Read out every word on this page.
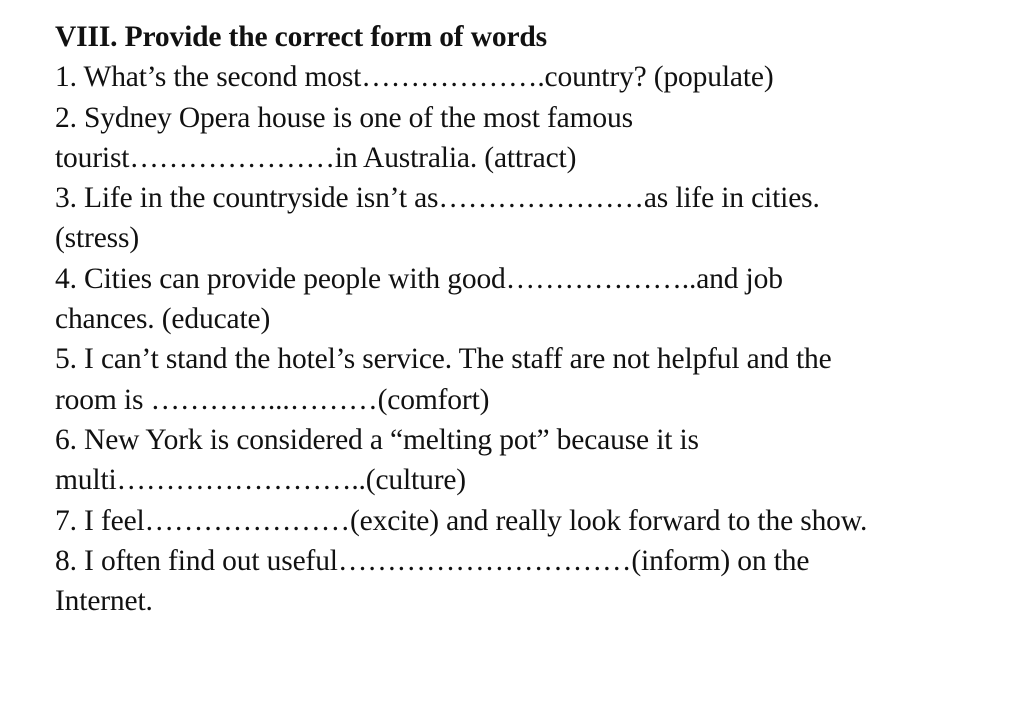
VIII. Provide the correct form of words
1. What’s the second most……………….country? (populate)
2. Sydney Opera house is one of the most famous
tourist…………………in Australia. (attract)
3. Life in the countryside isn’t as…………………as life in cities.
(stress)
4. Cities can provide people with good………………..and job
chances. (educate)
5. I can’t stand the hotel’s service. The staff are not helpful and the
room is …………...………(comfort)
6. New York is considered a “melting pot” because it is
multi……………………..(culture)
7. I feel…………………(excite) and really look forward to the show.
8. I often find out useful…………………………(inform) on the
Internet.
